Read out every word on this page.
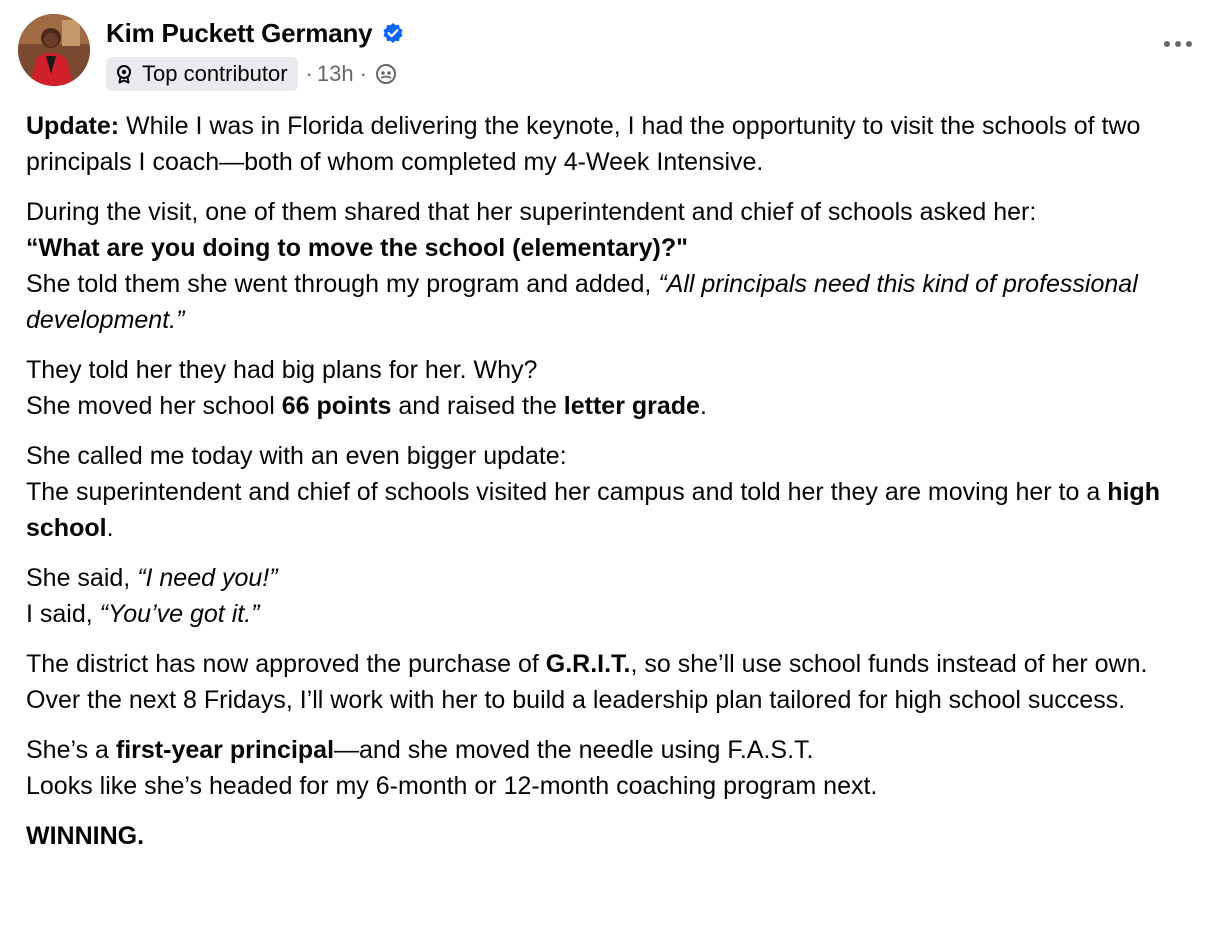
Kim Puckett Germany
Top contributor · 13h ·

Update: While I was in Florida delivering the keynote, I had the opportunity to visit the schools of two principals I coach—both of whom completed my 4-Week Intensive.

During the visit, one of them shared that her superintendent and chief of schools asked her:
“What are you doing to move the school (elementary)?"
She told them she went through my program and added, “All principals need this kind of professional development.”

They told her they had big plans for her. Why?
She moved her school 66 points and raised the letter grade.

She called me today with an even bigger update:
The superintendent and chief of schools visited her campus and told her they are moving her to a high school.

She said, “I need you!”
I said, “You’ve got it.”

The district has now approved the purchase of G.R.I.T., so she’ll use school funds instead of her own. Over the next 8 Fridays, I’ll work with her to build a leadership plan tailored for high school success.

She’s a first-year principal—and she moved the needle using F.A.S.T.
Looks like she’s headed for my 6-month or 12-month coaching program next.

WINNING.
